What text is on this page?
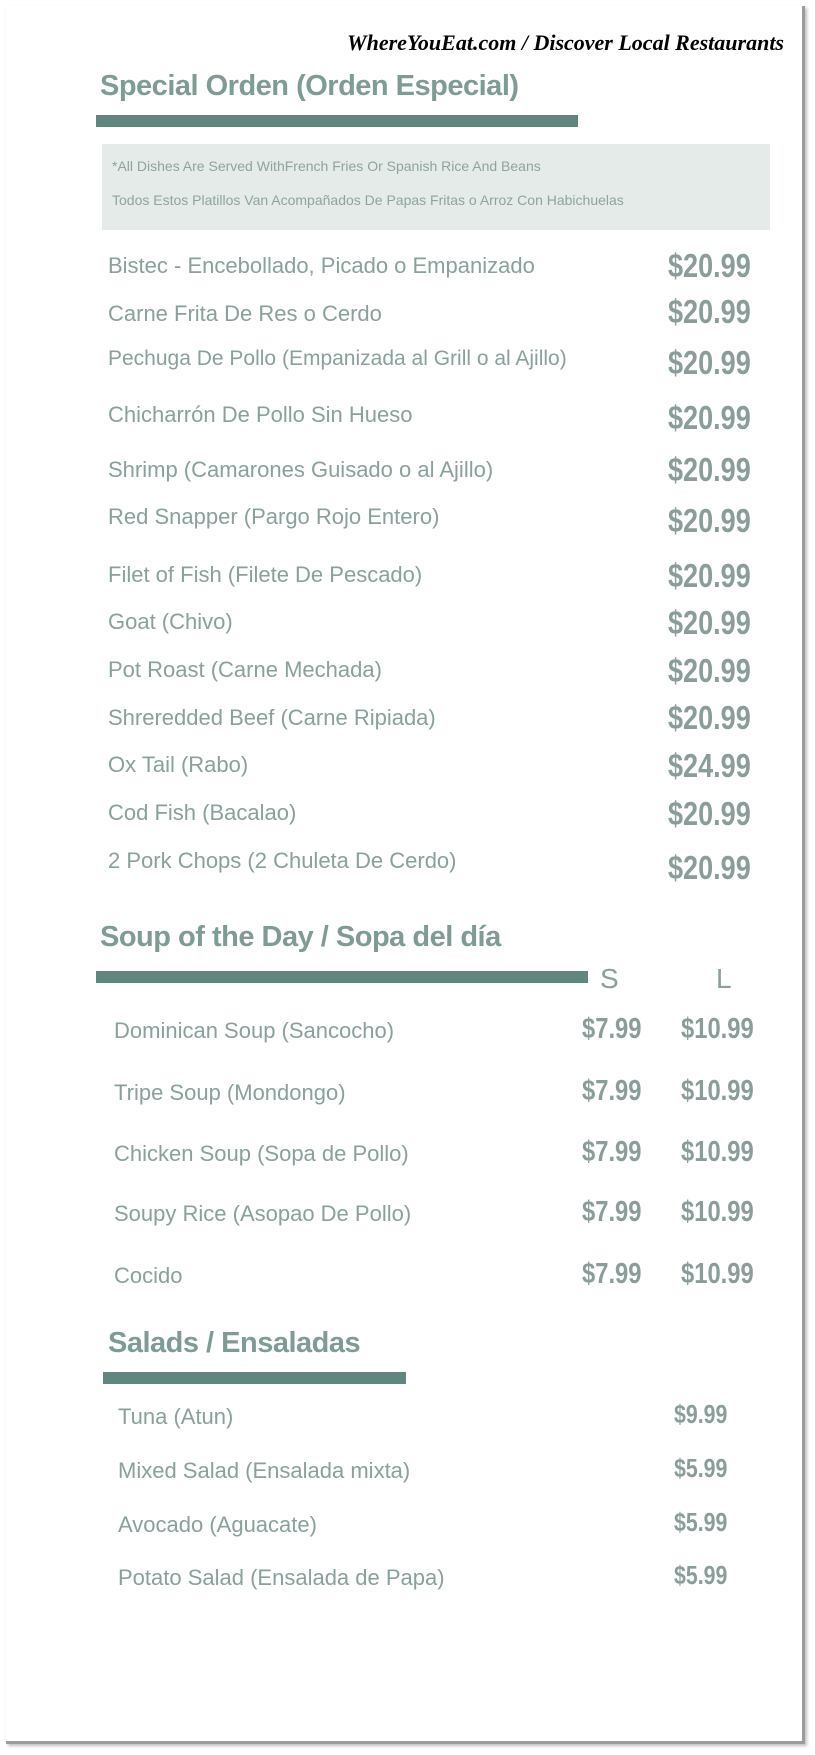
WhereYouEat.com / Discover Local Restaurants
Special Orden (Orden Especial)
*All Dishes Are Served WithFrench Fries Or Spanish Rice And Beans
Todos Estos Platillos Van Acompañados De Papas Fritas o Arroz Con Habichuelas
Bistec - Encebollado, Picado o Empanizado	$20.99
Carne Frita De Res o Cerdo	$20.99
Pechuga De Pollo (Empanizada al Grill o al Ajillo)	$20.99
Chicharrón De Pollo Sin Hueso	$20.99
Shrimp (Camarones Guisado o al Ajillo)	$20.99
Red Snapper (Pargo Rojo Entero)	$20.99
Filet of Fish (Filete De Pescado)	$20.99
Goat (Chivo)	$20.99
Pot Roast (Carne Mechada)	$20.99
Shreredded Beef (Carne Ripiada)	$20.99
Ox Tail (Rabo)	$24.99
Cod Fish (Bacalao)	$20.99
2 Pork Chops (2 Chuleta De Cerdo)	$20.99
Soup of the Day / Sopa del día
S	L
Dominican Soup (Sancocho)	$7.99 $10.99
Tripe Soup (Mondongo)	$7.99 $10.99
Chicken Soup (Sopa de Pollo)	$7.99 $10.99
Soupy Rice (Asopao De Pollo)	$7.99 $10.99
Cocido	$7.99 $10.99
Salads / Ensaladas
Tuna (Atun)	$9.99
Mixed Salad (Ensalada mixta)	$5.99
Avocado (Aguacate)	$5.99
Potato Salad (Ensalada de Papa)	$5.99
